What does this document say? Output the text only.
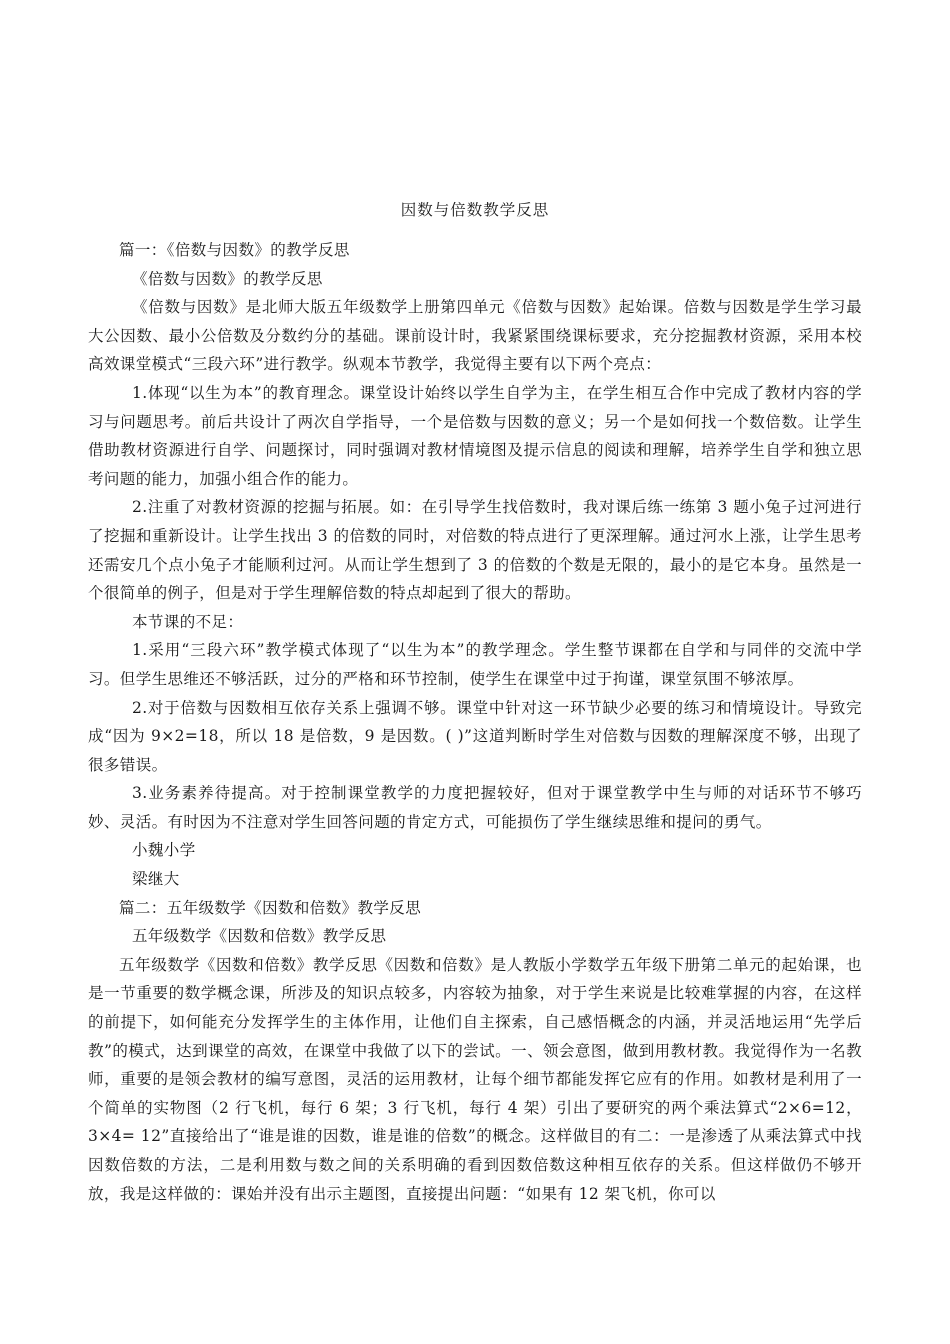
因数与倍数教学反思

篇一：《倍数与因数》的教学反思

《倍数与因数》的教学反思

《倍数与因数》是北师大版五年级数学上册第四单元《倍数与因数》起始课。倍数与因数是学生学习最大公因数、最小公倍数及分数约分的基础。课前设计时，我紧紧围绕课标要求，充分挖掘教材资源，采用本校高效课堂模式“三段六环”进行教学。纵观本节教学，我觉得主要有以下两个亮点：

1.体现“以生为本”的教育理念。课堂设计始终以学生自学为主，在学生相互合作中完成了教材内容的学习与问题思考。前后共设计了两次自学指导，一个是倍数与因数的意义；另一个是如何找一个数倍数。让学生借助教材资源进行自学、问题探讨，同时强调对教材情境图及提示信息的阅读和理解，培养学生自学和独立思考问题的能力，加强小组合作的能力。

2.注重了对教材资源的挖掘与拓展。如：在引导学生找倍数时，我对课后练一练第 3 题小兔子过河进行了挖掘和重新设计。让学生找出 3 的倍数的同时，对倍数的特点进行了更深理解。通过河水上涨，让学生思考还需安几个点小兔子才能顺利过河。从而让学生想到了 3 的倍数的个数是无限的，最小的是它本身。虽然是一个很简单的例子，但是对于学生理解倍数的特点却起到了很大的帮助。

本节课的不足：

1.采用“三段六环”教学模式体现了“以生为本”的教学理念。学生整节课都在自学和与同伴的交流中学习。但学生思维还不够活跃，过分的严格和环节控制，使学生在课堂中过于拘谨，课堂氛围不够浓厚。

2.对于倍数与因数相互依存关系上强调不够。课堂中针对这一环节缺少必要的练习和情境设计。导致完成“因为 9×2=18，所以 18 是倍数，9 是因数。( )”这道判断时学生对倍数与因数的理解深度不够，出现了很多错误。

3.业务素养待提高。对于控制课堂教学的力度把握较好，但对于课堂教学中生与师的对话环节不够巧妙、灵活。有时因为不注意对学生回答问题的肯定方式，可能损伤了学生继续思维和提问的勇气。

小魏小学

梁继大

篇二：五年级数学《因数和倍数》教学反思

五年级数学《因数和倍数》教学反思

五年级数学《因数和倍数》教学反思《因数和倍数》是人教版小学数学五年级下册第二单元的起始课，也是一节重要的数学概念课，所涉及的知识点较多，内容较为抽象，对于学生来说是比较难掌握的内容，在这样的前提下，如何能充分发挥学生的主体作用，让他们自主探索，自己感悟概念的内涵，并灵活地运用“先学后教”的模式，达到课堂的高效，在课堂中我做了以下的尝试。一、领会意图，做到用教材教。我觉得作为一名教师，重要的是领会教材的编写意图，灵活的运用教材，让每个细节都能发挥它应有的作用。如教材是利用了一个简单的实物图（2 行飞机，每行 6 架；3 行飞机，每行 4 架）引出了要研究的两个乘法算式“2×6=12，3×4= 12”直接给出了“谁是谁的因数，谁是谁的倍数”的概念。这样做目的有二：一是渗透了从乘法算式中找因数倍数的方法，二是利用数与数之间的关系明确的看到因数倍数这种相互依存的关系。但这样做仍不够开放，我是这样做的：课始并没有出示主题图，直接提出问题：“如果有 12 架飞机，你可以
